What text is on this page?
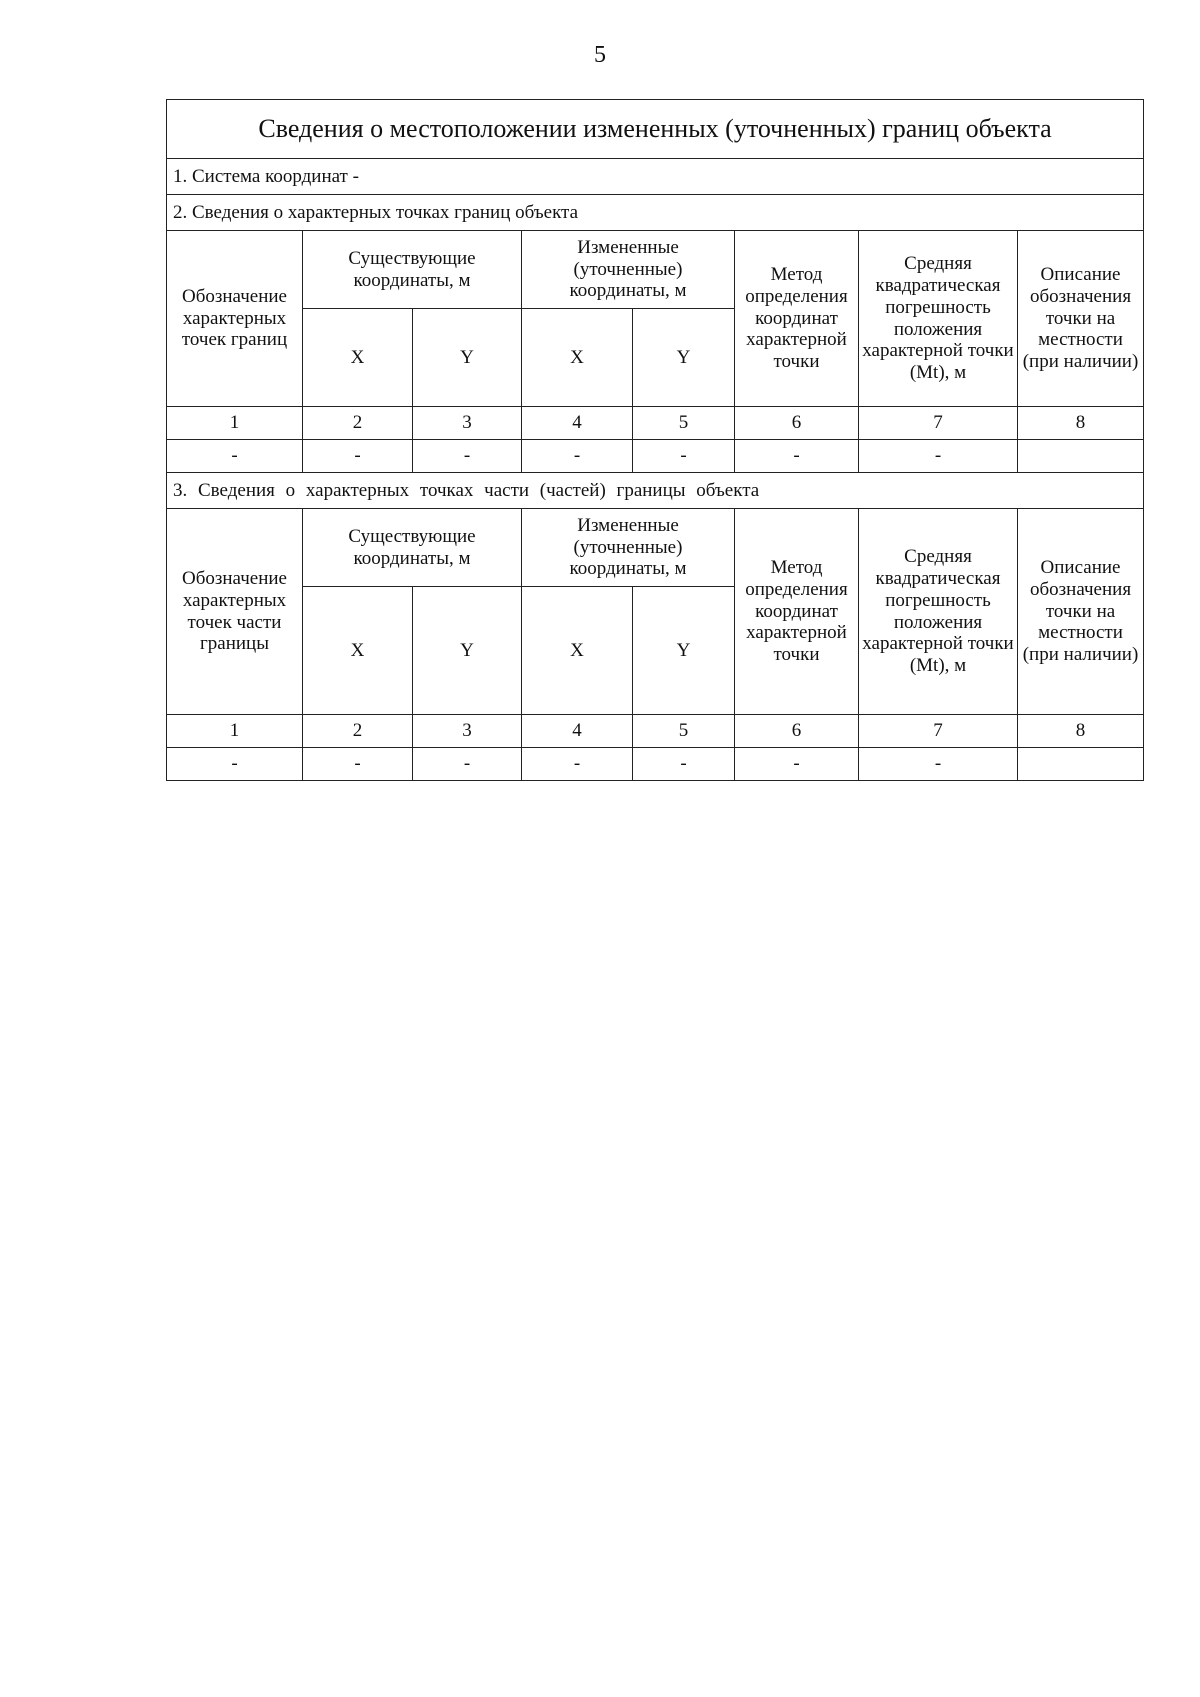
5
Сведения о местоположении измененных (уточненных) границ объекта							
1. Система координат -							
2. Сведения о характерных точках границ объекта							
Обозначение характерных точек границ	Существующие координаты, м		Измененные (уточненные) координаты, м		Метод определения координат характерной точки	Средняя квадратическая погрешность положения характерной точки (Mt), м	Описание обозначения точки на местности (при наличии)
	X	Y	X	Y			
1	2	3	4	5	6	7	8
-	-	-	-	-	-	-	
3. Сведения о характерных точках части (частей) границы объекта							
Обозначение характерных точек части границы	Существующие координаты, м		Измененные (уточненные) координаты, м		Метод определения координат характерной точки	Средняя квадратическая погрешность положения характерной точки (Mt), м	Описание обозначения точки на местности (при наличии)
	X	Y	X	Y			
1	2	3	4	5	6	7	8
-	-	-	-	-	-	-	
